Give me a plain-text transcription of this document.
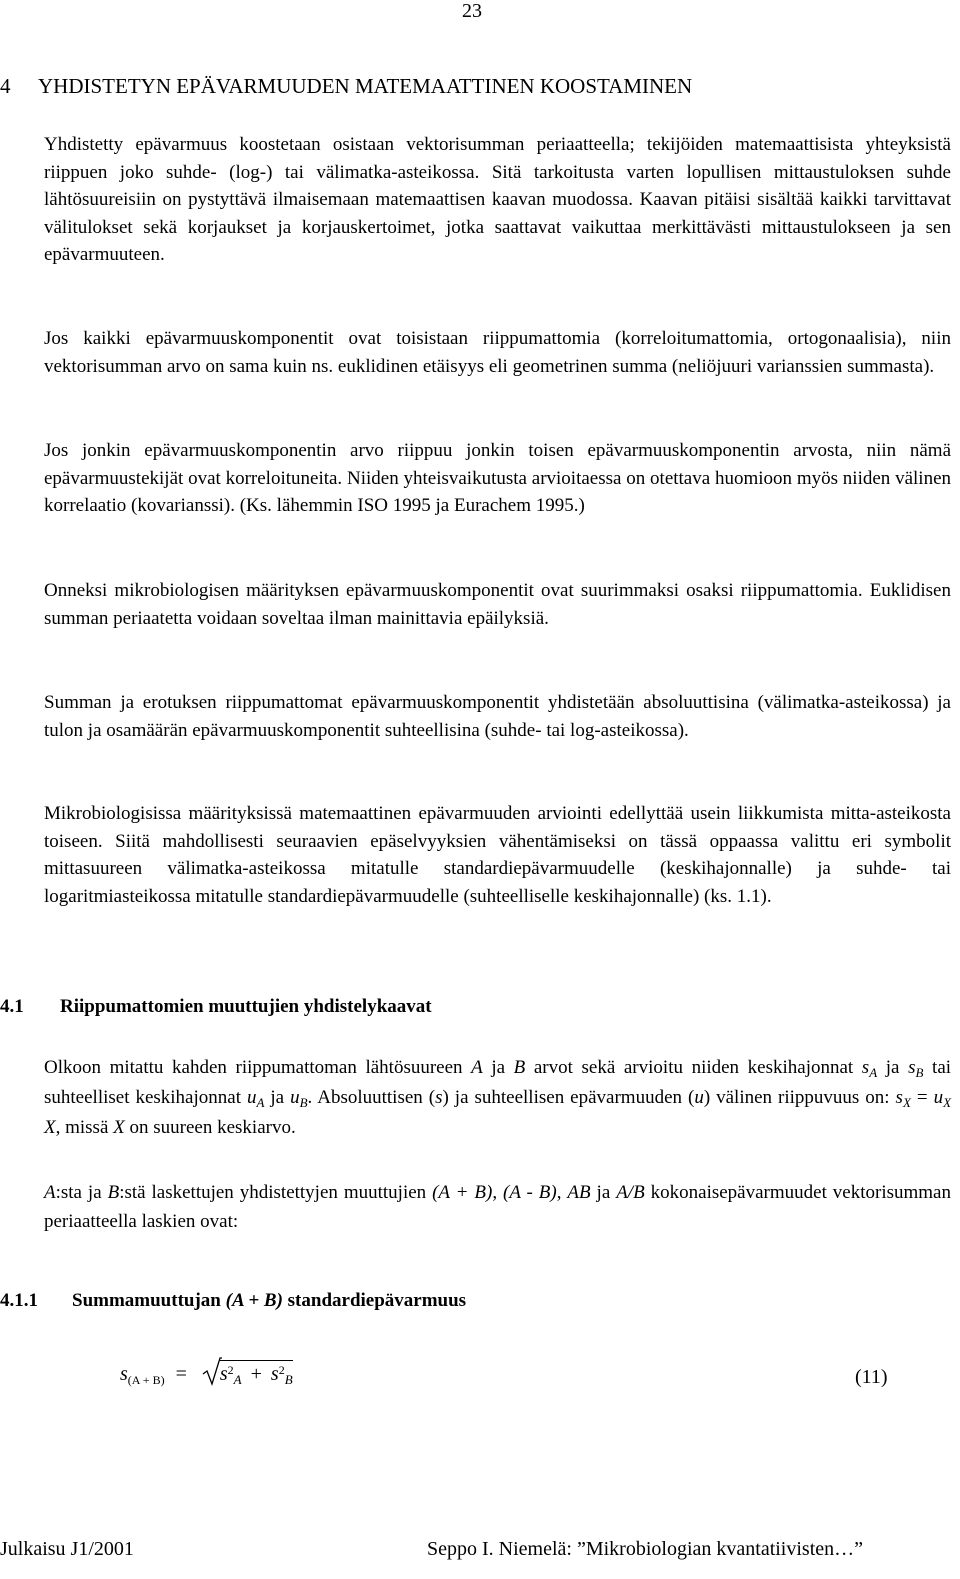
23
4 YHDISTETYN EPÄVARMUUDEN MATEMAATTINEN KOOSTAMINEN

Yhdistetty epävarmuus koostetaan osistaan vektorisumman periaatteella; tekijöiden matemaattisista yhteyksistä riippuen joko suhde- (log-) tai välimatka-asteikossa. Sitä tarkoitusta varten lopullisen mittaustuloksen suhde lähtösuureisiin on pystyttävä ilmaisemaan matemaattisen kaavan muodossa. Kaavan pitäisi sisältää kaikki tarvittavat välitulokset sekä korjaukset ja korjauskertoimet, jotka saattavat vaikuttaa merkittävästi mittaustulokseen ja sen epävarmuuteen.

Jos kaikki epävarmuuskomponentit ovat toisistaan riippumattomia (korreloitumattomia, ortogonaalisia), niin vektorisumman arvo on sama kuin ns. euklidinen etäisyys eli geometrinen summa (neliöjuuri varianssien summasta).

Jos jonkin epävarmuuskomponentin arvo riippuu jonkin toisen epävarmuuskomponentin arvosta, niin nämä epävarmuustekijät ovat korreloituneita. Niiden yhteisvaikutusta arvioitaessa on otettava huomioon myös niiden välinen korrelaatio (kovarianssi). (Ks. lähemmin ISO 1995 ja Eurachem 1995.)

Onneksi mikrobiologisen määrityksen epävarmuuskomponentit ovat suurimmaksi osaksi riippumattomia. Euklidisen summan periaatetta voidaan soveltaa ilman mainittavia epäilyksiä.

Summan ja erotuksen riippumattomat epävarmuuskomponentit yhdistetään absoluuttisina (välimatka-asteikossa) ja tulon ja osamäärän epävarmuuskomponentit suhteellisina (suhde- tai log-asteikossa).

Mikrobiologisissa määrityksissä matemaattinen epävarmuuden arviointi edellyttää usein liikkumista mitta-asteikosta toiseen. Siitä mahdollisesti seuraavien epäselvyyksien vähentämiseksi on tässä oppaassa valittu eri symbolit mittasuureen välimatka-asteikossa mitatulle standardiepävarmuudelle (keskihajonnalle) ja suhde- tai logaritmiasteikossa mitatulle standardiepävarmuudelle (suhteelliselle keskihajonnalle) (ks. 1.1).

4.1 Riippumattomien muuttujien yhdistelykaavat

Olkoon mitattu kahden riippumattoman lähtösuureen A ja B arvot sekä arvioitu niiden keskihajonnat $s_A$ ja $s_B$ tai suhteelliset keskihajonnat $u_A$ ja $u_B$. Absoluuttisen (s) ja suhteellisen epävarmuuden (u) välinen riippuvuus on: $s_X = u_X$ X, missä X on suureen keskiarvo.

A:sta ja B:stä laskettujen yhdistettyjen muuttujien (A + B), (A - B), AB ja A/B kokonaisepävarmuudet vektorisumman periaatteella laskien ovat:

4.1.1 Summamuuttujan (A + B) standardiepävarmuus
$s_{(A + B)} = s^2_A + s^2_B$	(11)
Julkaisu J1/2001	Seppo I. Niemelä: ”Mikrobiologian kvantatiivisten…”
